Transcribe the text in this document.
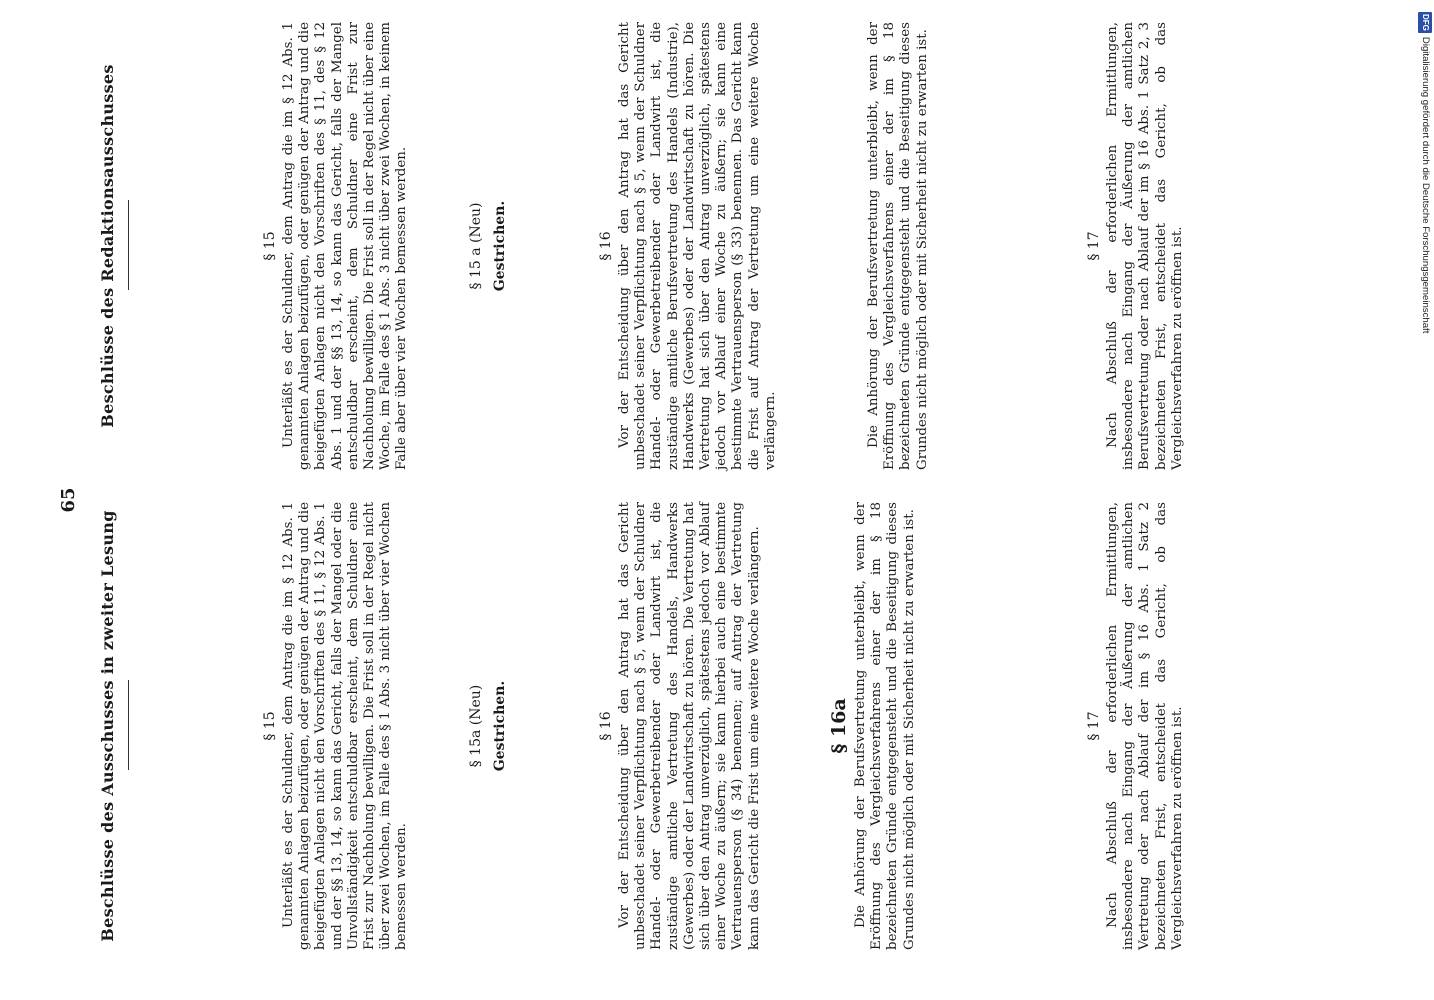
65
Beschlüsse des Ausschusses in zweiter Lesung	§ 15 Unterläßt es der Schuldner, dem Antrag die im § 12 Abs. 1 genannten Anlagen beizufügen, oder genügen der Antrag und die beigefügten Anlagen nicht den Vorschriften des § 11, § 12 Abs. 1 und der §§ 13, 14, so kann das Gericht, falls der Mangel oder die Unvollständigkeit entschuldbar erscheint, dem Schuldner eine Frist zur Nachholung bewilligen. Die Frist soll in der Regel nicht über zwei Wochen, im Falle des § 1 Abs. 3 nicht über vier Wochen bemessen werden.

§ 15a (Neu) Gestrichen.	§ 16 Vor der Entscheidung über den Antrag hat das Gericht unbeschadet seiner Verpflichtung nach § 5, wenn der Schuldner Handel- oder Gewerbetreibender oder Landwirt ist, die zuständige amtliche Vertretung des Handels, Handwerks (Gewerbes) oder der Landwirtschaft zu hören. Die Vertretung hat sich über den Antrag unverzüglich, spätestens jedoch vor Ablauf einer Woche zu äußern; sie kann hierbei auch eine bestimmte Vertrauensperson (§ 34) benennen; auf Antrag der Vertretung kann das Gericht die Frist um eine weitere Woche verlängern.	§ 16a Die Anhörung der Berufsvertretung unterbleibt, wenn der Eröffnung des Vergleichsverfahrens einer der im § 18 bezeichneten Gründe entgegensteht und die Beseitigung dieses Grundes nicht möglich oder mit Sicherheit nicht zu erwarten ist.	§ 17 Nach Abschluß der erforderlichen Ermittlungen, insbesondere nach Eingang der Äußerung der amtlichen Vertretung oder nach Ablauf der im § 16 Abs. 1 Satz 2 bezeichneten Frist, entscheidet das Gericht, ob das Vergleichsverfahren zu eröffnen ist.

Beschlüsse des Redaktionsausschusses	§ 15 Unterläßt es der Schuldner, dem Antrag die im § 12 Abs. 1 genannten Anlagen beizufügen, oder genügen der Antrag und die beigefügten Anlagen nicht den Vorschriften des § 11, des § 12 Abs. 1 und der §§ 13, 14, so kann das Gericht, falls der Mangel entschuldbar erscheint, dem Schuldner eine Frist zur Nachholung bewilligen. Die Frist soll in der Regel nicht über eine Woche, im Falle des § 1 Abs. 3 nicht über zwei Wochen, in keinem Falle aber über vier Wochen bemessen werden.	§ 15 a (Neu) Gestrichen.	§ 16 Vor der Entscheidung über den Antrag hat das Gericht unbeschadet seiner Verpflichtung nach § 5, wenn der Schuldner Handel- oder Gewerbetreibender oder Landwirt ist, die zuständige amtliche Berufsvertretung des Handels (Industrie), Handwerks (Gewerbes) oder der Landwirtschaft zu hören. Die Vertretung hat sich über den Antrag unverzüglich, spätestens jedoch vor Ablauf einer Woche zu äußern; sie kann eine bestimmte Vertrauensperson (§ 33) benennen. Das Gericht kann die Frist auf Antrag der Vertretung um eine weitere Woche verlängern.	Die Anhörung der Berufsvertretung unterbleibt, wenn der Eröffnung des Vergleichsverfahrens einer der im § 18 bezeichneten Gründe entgegensteht und die Beseitigung dieses Grundes nicht möglich oder mit Sicherheit nicht zu erwarten ist.	§ 17 Nach Abschluß der erforderlichen Ermittlungen, insbesondere nach Eingang der Äußerung der amtlichen Berufsvertretung oder nach Ablauf der im § 16 Abs. 1 Satz 2, 3 bezeichneten Frist, entscheidet das Gericht, ob das Vergleichsverfahren zu eröffnen ist.

DFGDigitalisierung gefördert durch die Deutsche Forschungsgemeinschaft
